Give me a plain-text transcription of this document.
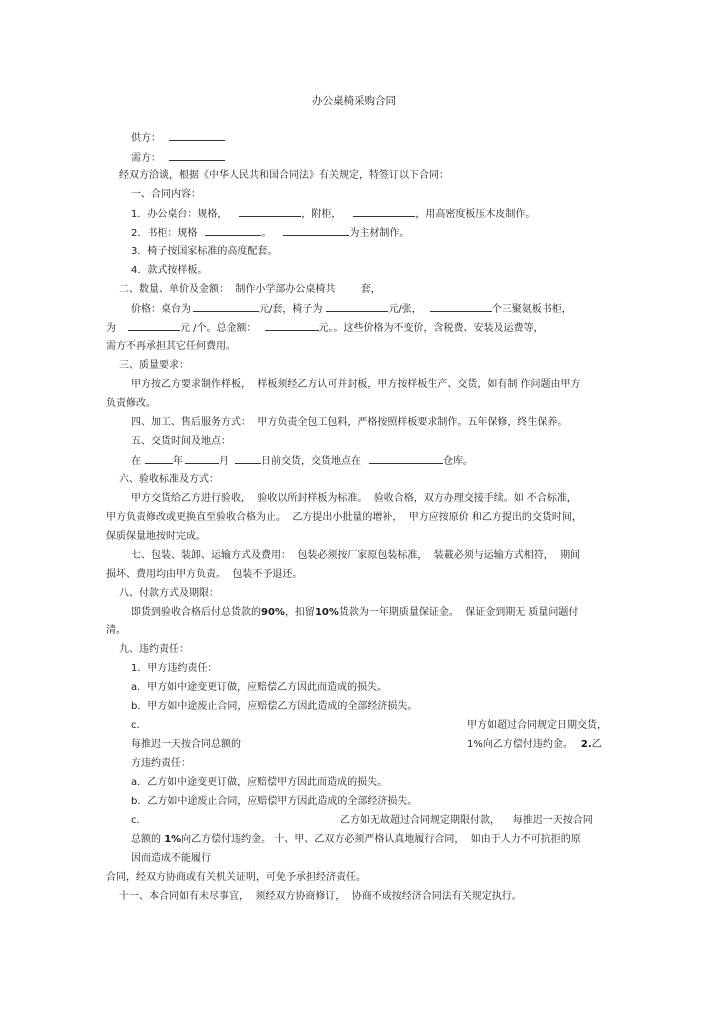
办公桌椅采购合同
供方：
需方：
经双方洽谈，根据《中华人民共和国合同法》有关规定，特签订以下合同：
一、合同内容：
1．办公桌台：规格，	，附柜，	，用高密度板压木皮制作。
2．书柜：规格	。	为主材制作。
3．椅子按国家标准的高度配套。
4．款式按样板。
二、数量、单价及金额：  制作小学部办公桌椅共        套，
价格：桌台为	元/套，椅子为	元/张，	个三聚氨板书柜，
为	元 /个。总金额：	元。。这些价格为不变价，含税费、安装及运费等，
需方不再承担其它任何费用。
三、质量要求：
甲方按乙方要求制作样板，  样板须经乙方认可并封板，甲方按样板生产、交货，如有制 作问题由甲方
负责修改。
四、加工、售后服务方式：  甲方负责全包工包料，严格按照样板要求制作。五年保修，终生保养。
五、交货时间及地点：
在	年	月	日前交货，交货地点在	仓库。
六、验收标准及方式：
甲方交货给乙方进行验收，  验收以所封样板为标准。  验收合格，双方办理交接手续。如 不合标准，
甲方负责修改或更换直至验收合格为止。  乙方提出小批量的增补，  甲方应按原价 和乙方提出的交货时间，
保质保量地按时完成。
七、包装、装卸、运输方式及费用：  包装必须按厂家原包装标准，  装載必须与运输方式相符，  期间
损坏、费用均由甲方负责。  包装不予退还。
八、付款方式及期限：
即货到验收合格后付总货款的90%，扣留10%货款为一年期质量保证金。  保证金到期无 质量问题付
清。
九、违约责任：
1．甲方违约责任：
a．甲方如中途变更订做，应赔偿乙方因此而造成的损失。
b．甲方如中途废止合同，应赔偿乙方因此造成的全部经济损失。
c．	甲方如超过合同规定日期交货，
每推迟一天按合同总额的	1%向乙方偿付违约金。 2.乙
方违约责任：
a．乙方如中途变更订做，应赔偿甲方因此而造成的损失。
b．乙方如中途废止合同，应赔偿甲方因此造成的全部经济损失。
c．	乙方如无故超过合同规定期限付款，    每推迟一天按合同
总额的 1%向乙方偿付违约金。 十、甲、乙双方必须严格认真地履行合同，  如由于人力不可抗拒的原
因而造成不能履行
合同，经双方协商或有关机关证明，可免予承担经济责任。
十一、本合同如有未尽事宜，  须经双方协商修订，  协商不成按经济合同法有关规定执行。
